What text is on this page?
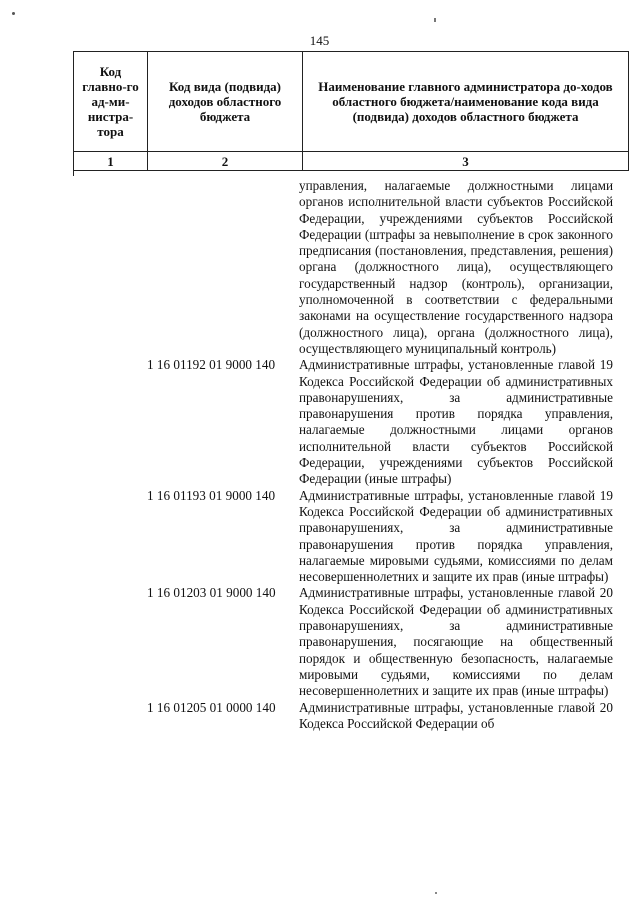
145
Код главно-го ад-ми-нистра-тора	Код вида (подвида) доходов областного бюджета	Наименование главного администратора до-ходов областного бюджета/наименование кода вида (подвида) доходов областного бюджета
1	2	3
управления, налагаемые должностными лицами органов исполнительной власти субъектов Российской Федерации, учреждениями субъектов Российской Федерации (штрафы за невыполнение в срок законного предписания (постановления, представления, решения) органа (должностного лица), осуществляющего государственный надзор (контроль), организации, уполномоченной в соответствии с федеральными законами на осуществление государственного надзора (должностного лица), органа (должностного лица), осуществляющего муниципальный контроль)
1 16 01192 01 9000 140 Административные штрафы, установленные главой 19 Кодекса Российской Федерации об административных правонарушениях, за административные правонарушения против порядка управления, налагаемые должностными лицами органов исполнительной власти субъектов Российской Федерации, учреждениями субъектов Российской Федерации (иные штрафы)
1 16 01193 01 9000 140 Административные штрафы, установленные главой 19 Кодекса Российской Федерации об административных правонарушениях, за административные правонарушения против порядка управления, налагаемые мировыми судьями, комиссиями по делам несовершеннолетних и защите их прав (иные штрафы)
1 16 01203 01 9000 140 Административные штрафы, установленные главой 20 Кодекса Российской Федерации об административных правонарушениях, за административные правонарушения, посягающие на общественный порядок и общественную безопасность, налагаемые мировыми судьями, комиссиями по делам несовершеннолетних и защите их прав (иные штрафы)
1 16 01205 01 0000 140 Административные штрафы, установленные главой 20 Кодекса Российской Федерации об
